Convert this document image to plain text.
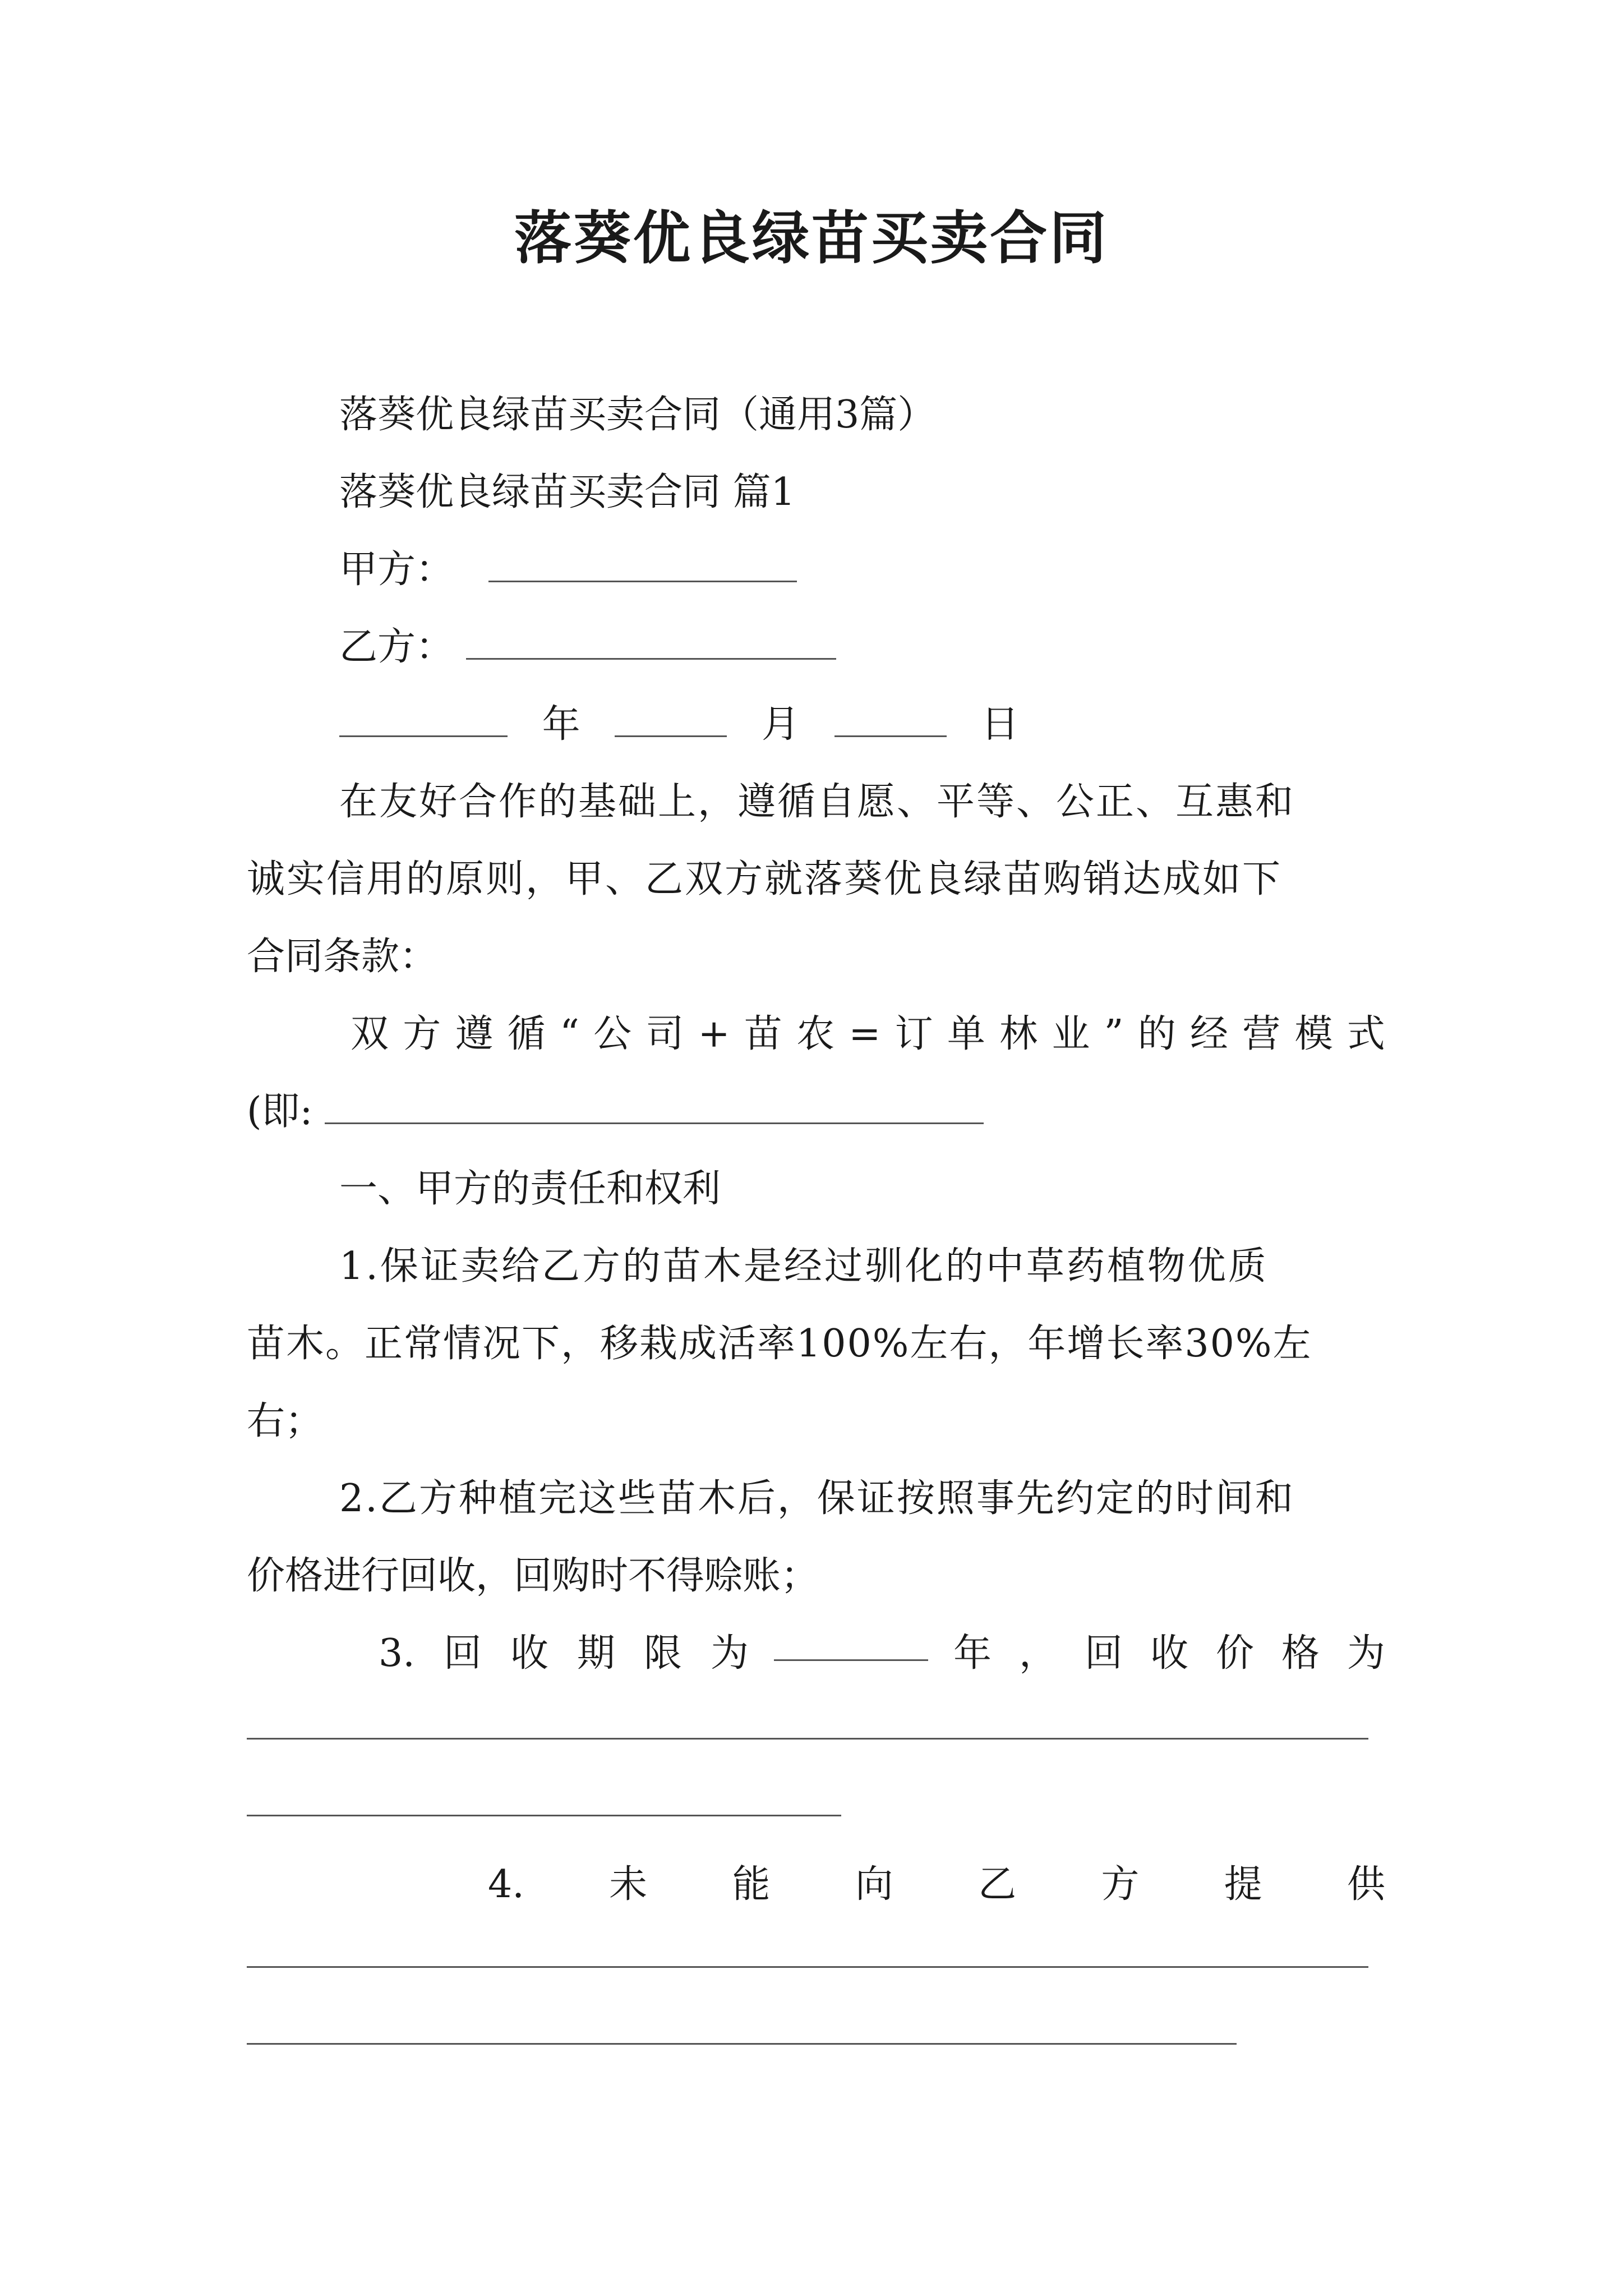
落葵优良绿苗买卖合同
落葵优良绿苗买卖合同（通用3篇）
落葵优良绿苗买卖合同 篇1
甲方：
乙方：
年	月	日
在友好合作的基础上，遵循自愿、平等、公正、互惠和
诚实信用的原则，甲、乙双方就落葵优良绿苗购销达成如下
合同条款：
双 方 遵 循 “ 公 司 + 苗 农 = 订 单 林 业 ” 的 经 营 模 式
(即:
一、甲方的责任和权利
1.保证卖给乙方的苗木是经过驯化的中草药植物优质
苗木。正常情况下，移栽成活率100%左右，年增长率30%左
右；
2.乙方种植完这些苗木后，保证按照事先约定的时间和
价格进行回收，回购时不得赊账；
3. 回 收 期 限 为	年 ， 回 收 价 格 为
4. 未 能 向 乙 方 提 供
